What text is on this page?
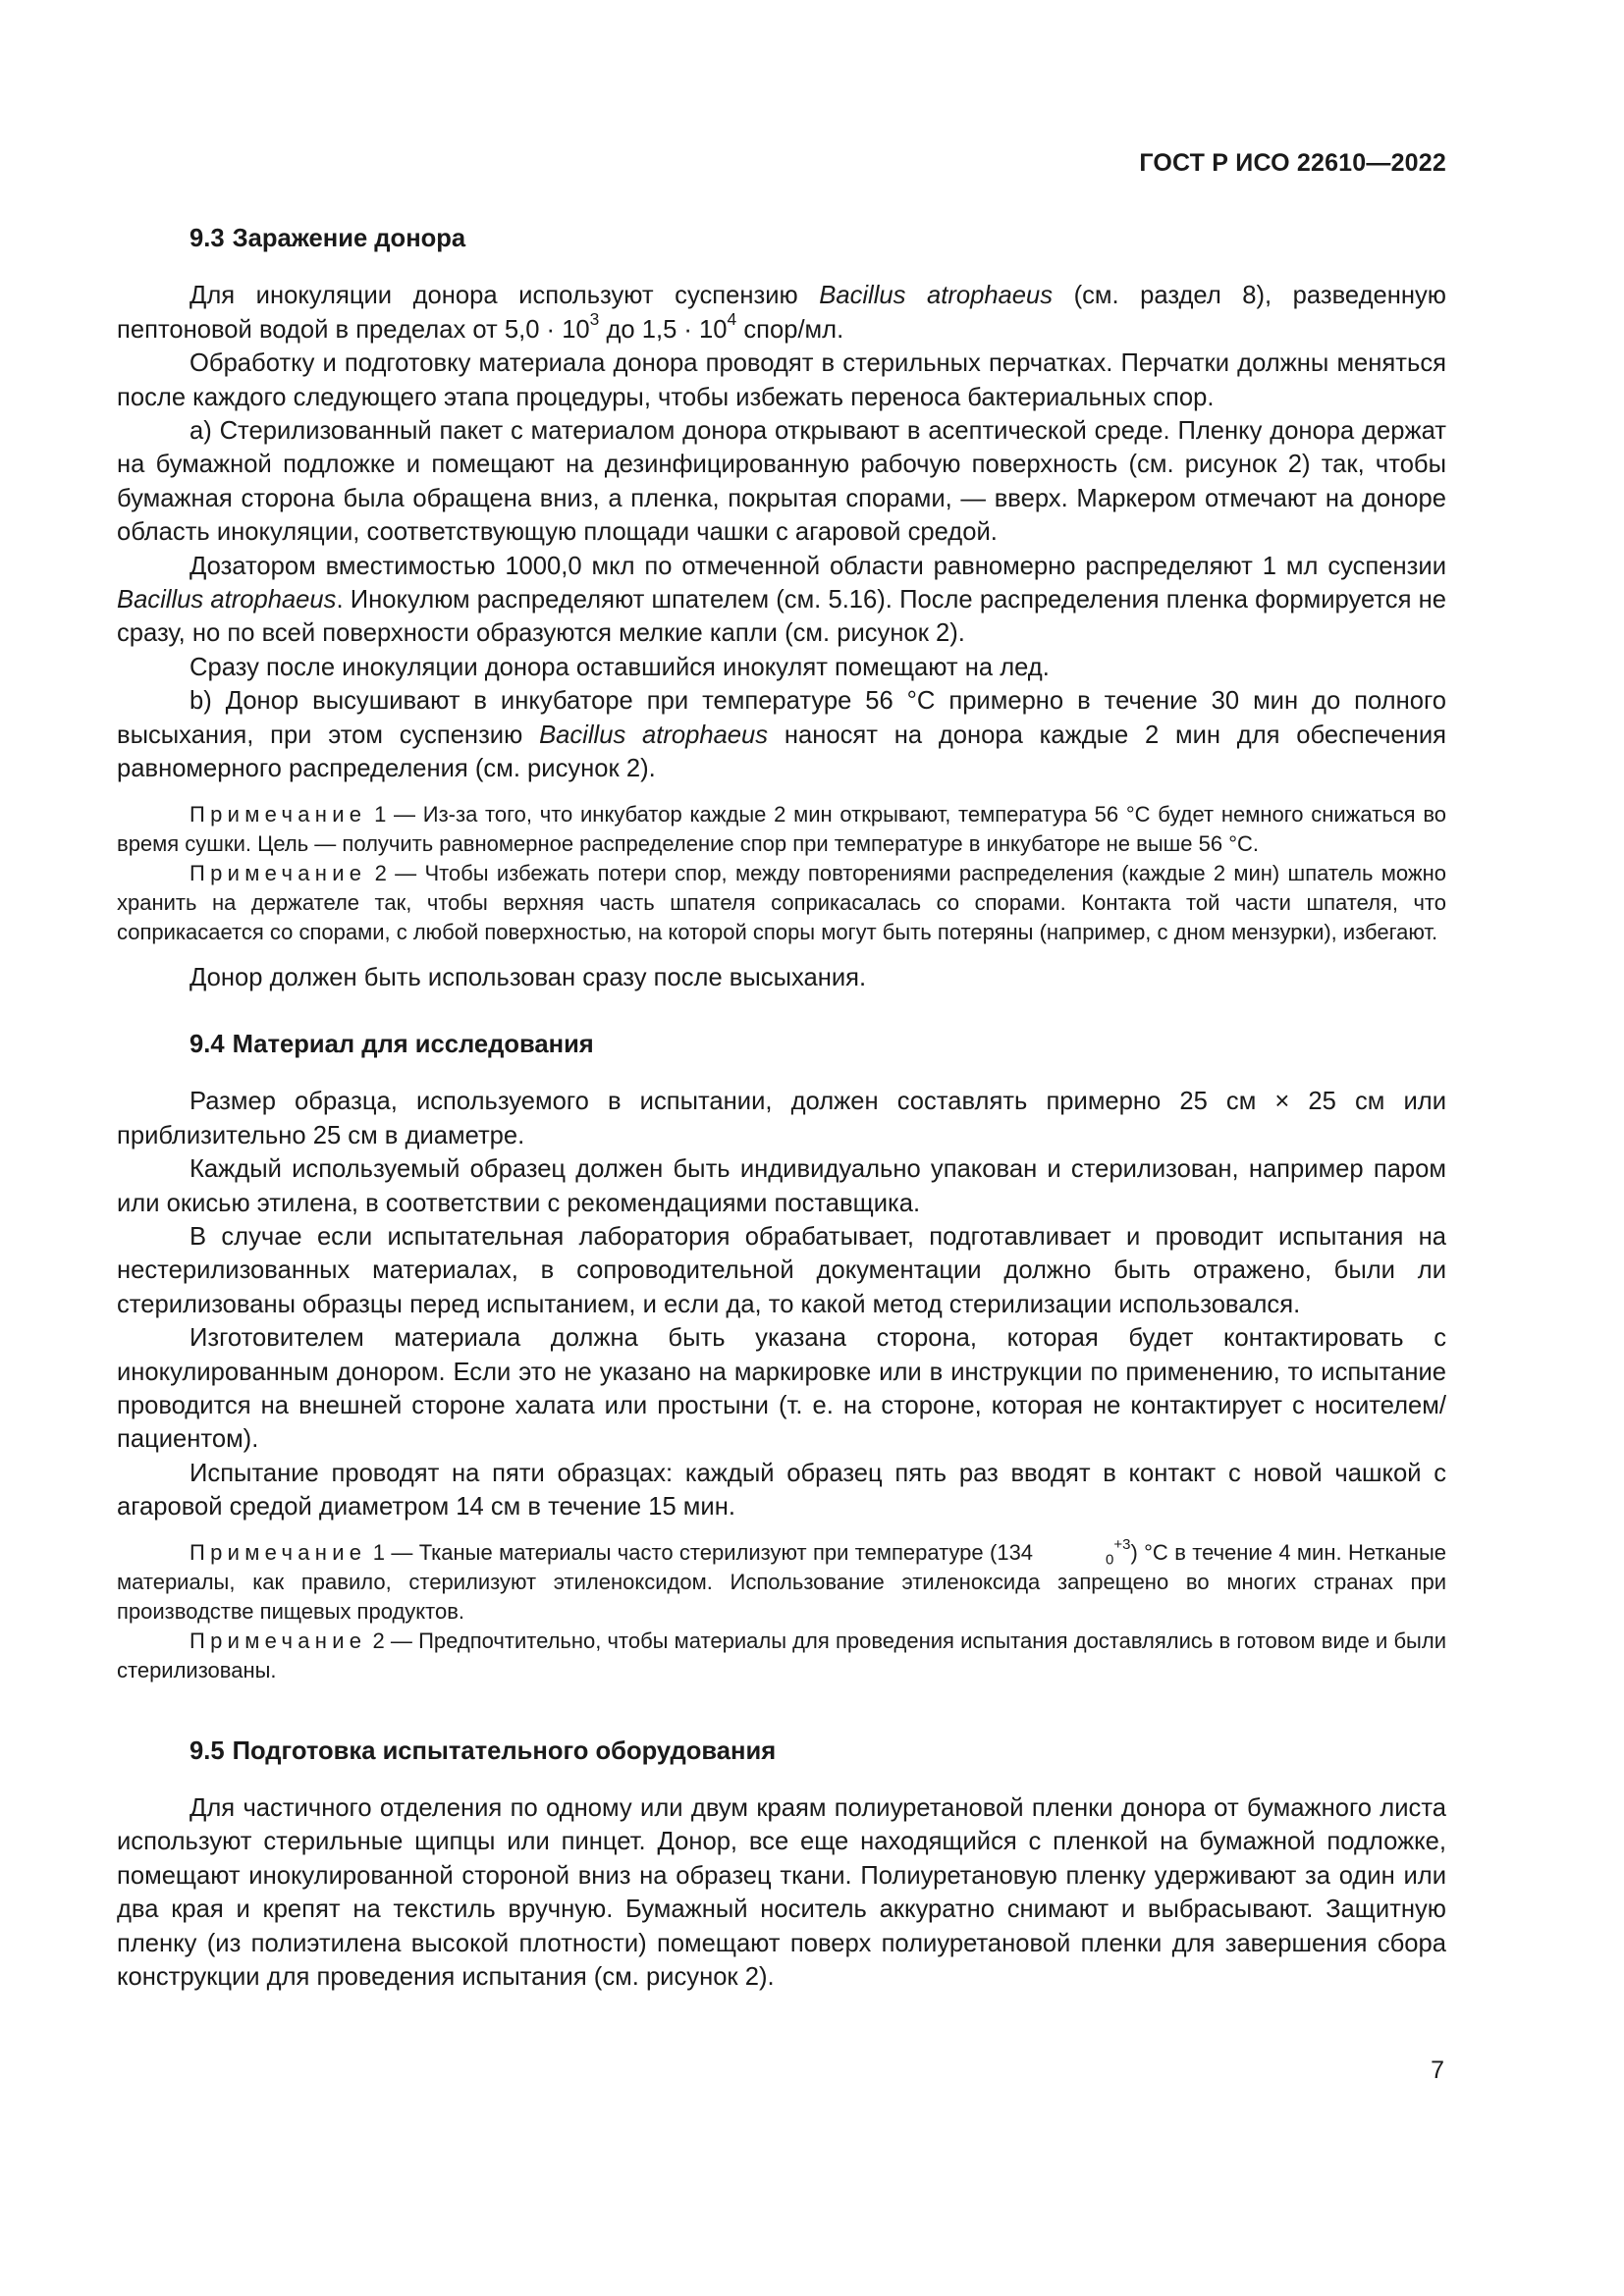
ГОСТ Р ИСО 22610—2022
9.3 Заражение донора

Для инокуляции донора используют суспензию Bacillus atrophaeus (см. раздел 8), разведенную пептоновой водой в пределах от $5,0 \cdot 10^3$ до $1,5 \cdot 10^4$ спор/мл.

Обработку и подготовку материала донора проводят в стерильных перчатках. Перчатки должны меняться после каждого следующего этапа процедуры, чтобы избежать переноса бактериальных спор.

a) Стерилизованный пакет с материалом донора открывают в асептической среде. Пленку донора держат на бумажной подложке и помещают на дезинфицированную рабочую поверхность (см. рисунок 2) так, чтобы бумажная сторона была обращена вниз, а пленка, покрытая спорами, — вверх. Маркером отмечают на доноре область инокуляции, соответствующую площади чашки с агаровой средой.

Дозатором вместимостью 1000,0 мкл по отмеченной области равномерно распределяют 1 мл суспензии Bacillus atrophaeus. Инокулюм распределяют шпателем (см. 5.16). После распределения пленка формируется не сразу, но по всей поверхности образуются мелкие капли (см. рисунок 2).

Сразу после инокуляции донора оставшийся инокулят помещают на лед.

b) Донор высушивают в инкубаторе при температуре 56 °C примерно в течение 30 мин до полного высыхания, при этом суспензию Bacillus atrophaeus наносят на донора каждые 2 мин для обеспечения равномерного распределения (см. рисунок 2).

Примечание 1 — Из-за того, что инкубатор каждые 2 мин открывают, температура 56 °C будет немного снижаться во время сушки. Цель — получить равномерное распределение спор при температуре в инкубаторе не выше 56 °C.

Примечание 2 — Чтобы избежать потери спор, между повторениями распределения (каждые 2 мин) шпатель можно хранить на держателе так, чтобы верхняя часть шпателя соприкасалась со спорами. Контакта той части шпателя, что соприкасается со спорами, с любой поверхностью, на которой споры могут быть потеряны (например, с дном мензурки), избегают.

Донор должен быть использован сразу после высыхания.

9.4 Материал для исследования

Размер образца, используемого в испытании, должен составлять примерно 25 см × 25 см или приблизительно 25 см в диаметре.

Каждый используемый образец должен быть индивидуально упакован и стерилизован, например паром или окисью этилена, в соответствии с рекомендациями поставщика.

В случае если испытательная лаборатория обрабатывает, подготавливает и проводит испытания на нестерилизованных материалах, в сопроводительной документации должно быть отражено, были ли стерилизованы образцы перед испытанием, и если да, то какой метод стерилизации использовался.

Изготовителем материала должна быть указана сторона, которая будет контактировать с инокулированным донором. Если это не указано на маркировке или в инструкции по применению, то испытание проводится на внешней стороне халата или простыни (т. е. на стороне, которая не контактирует с носителем/пациентом).

Испытание проводят на пяти образцах: каждый образец пять раз вводят в контакт с новой чашкой с агаровой средой диаметром 14 см в течение 15 мин.

Примечание 1 — Тканые материалы часто стерилизуют при температуре (134	$_0^{+3}$) °C в течение 4 мин. Нетканые материалы, как правило, стерилизуют этиленоксидом. Использование этиленоксида запрещено во многих странах при производстве пищевых продуктов.

Примечание 2 — Предпочтительно, чтобы материалы для проведения испытания доставлялись в готовом виде и были стерилизованы.

9.5 Подготовка испытательного оборудования

Для частичного отделения по одному или двум краям полиуретановой пленки донора от бумажного листа используют стерильные щипцы или пинцет. Донор, все еще находящийся с пленкой на бумажной подложке, помещают инокулированной стороной вниз на образец ткани. Полиуретановую пленку удерживают за один или два края и крепят на текстиль вручную. Бумажный носитель аккуратно снимают и выбрасывают. Защитную пленку (из полиэтилена высокой плотности) помещают поверх полиуретановой пленки для завершения сбора конструкции для проведения испытания (см. рисунок 2).

7
